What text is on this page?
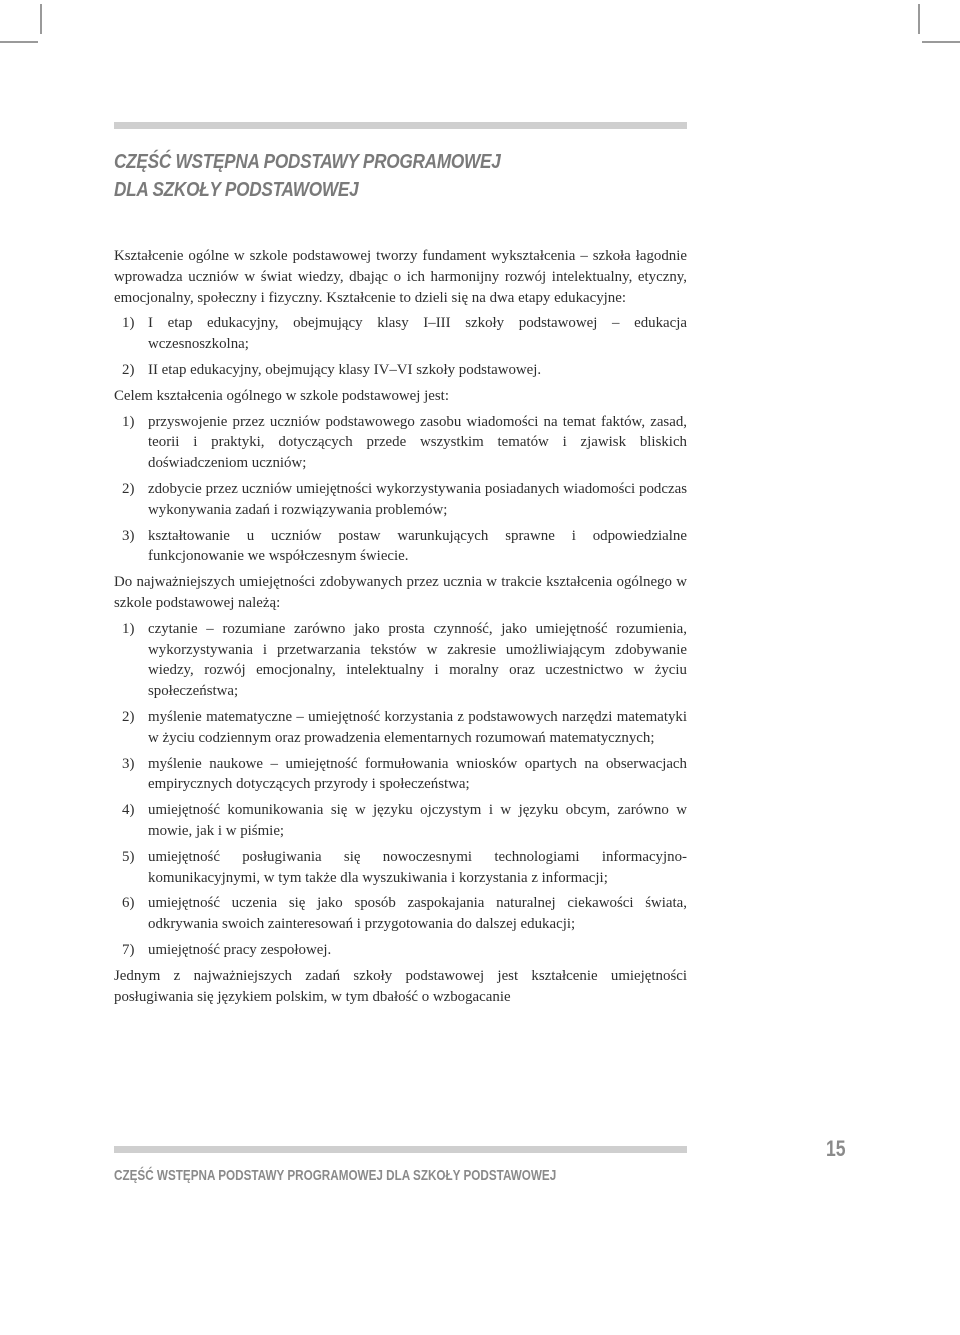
CZĘŚĆ WSTĘPNA PODSTAWY PROGRAMOWEJ
DLA SZKOŁY PODSTAWOWEJ

Kształcenie ogólne w szkole podstawowej tworzy fundament wykształcenia – szkoła łagodnie wprowadza uczniów w świat wiedzy, dbając o ich harmonijny rozwój intelektualny, etyczny, emocjonalny, społeczny i fizyczny. Kształcenie to dzieli się na dwa etapy edukacyjne:

1) I etap edukacyjny, obejmujący klasy I–III szkoły podstawowej – edukacja wczesnoszkolna;
2) II etap edukacyjny, obejmujący klasy IV–VI szkoły podstawowej.

Celem kształcenia ogólnego w szkole podstawowej jest:

1) przyswojenie przez uczniów podstawowego zasobu wiadomości na temat faktów, zasad, teorii i praktyki, dotyczących przede wszystkim tematów i zjawisk bliskich doświadczeniom uczniów;
2) zdobycie przez uczniów umiejętności wykorzystywania posiadanych wiadomości podczas wykonywania zadań i rozwiązywania problemów;
3) kształtowanie u uczniów postaw warunkujących sprawne i odpowiedzialne funkcjonowanie we współczesnym świecie.

Do najważniejszych umiejętności zdobywanych przez ucznia w trakcie kształcenia ogólnego w szkole podstawowej należą:

1) czytanie – rozumiane zarówno jako prosta czynność, jako umiejętność rozumienia, wykorzystywania i przetwarzania tekstów w zakresie umożliwiającym zdobywanie wiedzy, rozwój emocjonalny, intelektualny i moralny oraz uczestnictwo w życiu społeczeństwa;
2) myślenie matematyczne – umiejętność korzystania z podstawowych narzędzi matematyki w życiu codziennym oraz prowadzenia elementarnych rozumowań matematycznych;
3) myślenie naukowe – umiejętność formułowania wniosków opartych na obserwacjach empirycznych dotyczących przyrody i społeczeństwa;
4) umiejętność komunikowania się w języku ojczystym i w języku obcym, zarówno w mowie, jak i w piśmie;
5) umiejętność posługiwania się nowoczesnymi technologiami informacyjno-komunikacyjnymi, w tym także dla wyszukiwania i korzystania z informacji;
6) umiejętność uczenia się jako sposób zaspokajania naturalnej ciekawości świata, odkrywania swoich zainteresowań i przygotowania do dalszej edukacji;
7) umiejętność pracy zespołowej.

Jednym z najważniejszych zadań szkoły podstawowej jest kształcenie umiejętności posługiwania się językiem polskim, w tym dbałość o wzbogacanie

CZĘŚĆ WSTĘPNA PODSTAWY PROGRAMOWEJ DLA SZKOŁY PODSTAWOWEJ
15
